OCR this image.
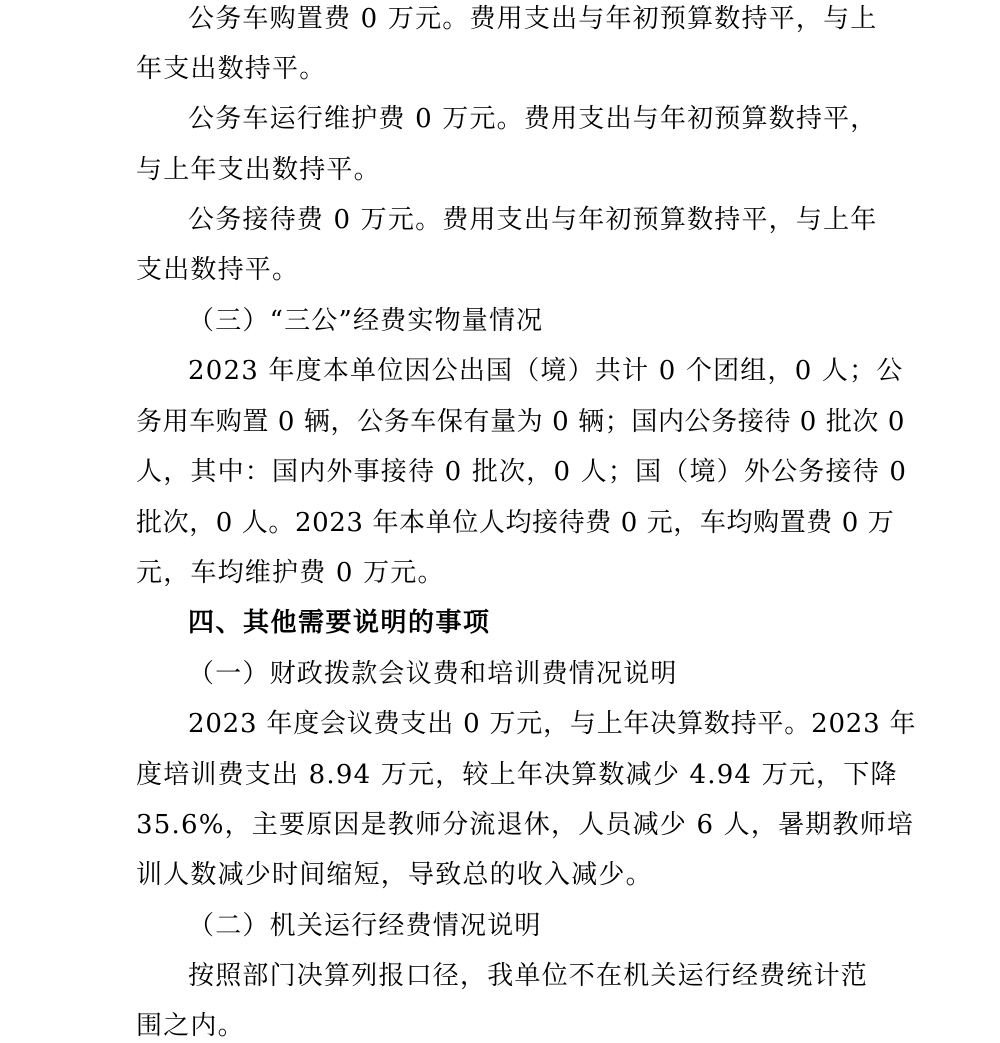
公务车购置费 0 万元。费用支出与年初预算数持平，与上
年支出数持平。
公务车运行维护费 0 万元。费用支出与年初预算数持平，
与上年支出数持平。
公务接待费 0 万元。费用支出与年初预算数持平，与上年
支出数持平。
（三）“三公”经费实物量情况
2023 年度本单位因公出国（境）共计 0 个团组，0 人；公
务用车购置 0 辆，公务车保有量为 0 辆；国内公务接待 0 批次 0
人，其中：国内外事接待 0 批次，0 人；国（境）外公务接待 0
批次，0 人。2023 年本单位人均接待费 0 元，车均购置费 0 万
元，车均维护费 0 万元。
四、其他需要说明的事项
（一）财政拨款会议费和培训费情况说明
2023 年度会议费支出 0 万元，与上年决算数持平。2023 年
度培训费支出 8.94 万元，较上年决算数减少 4.94 万元，下降
35.6%，主要原因是教师分流退休，人员减少 6 人，暑期教师培
训人数减少时间缩短，导致总的收入减少。
（二）机关运行经费情况说明
按照部门决算列报口径，我单位不在机关运行经费统计范
围之内。
